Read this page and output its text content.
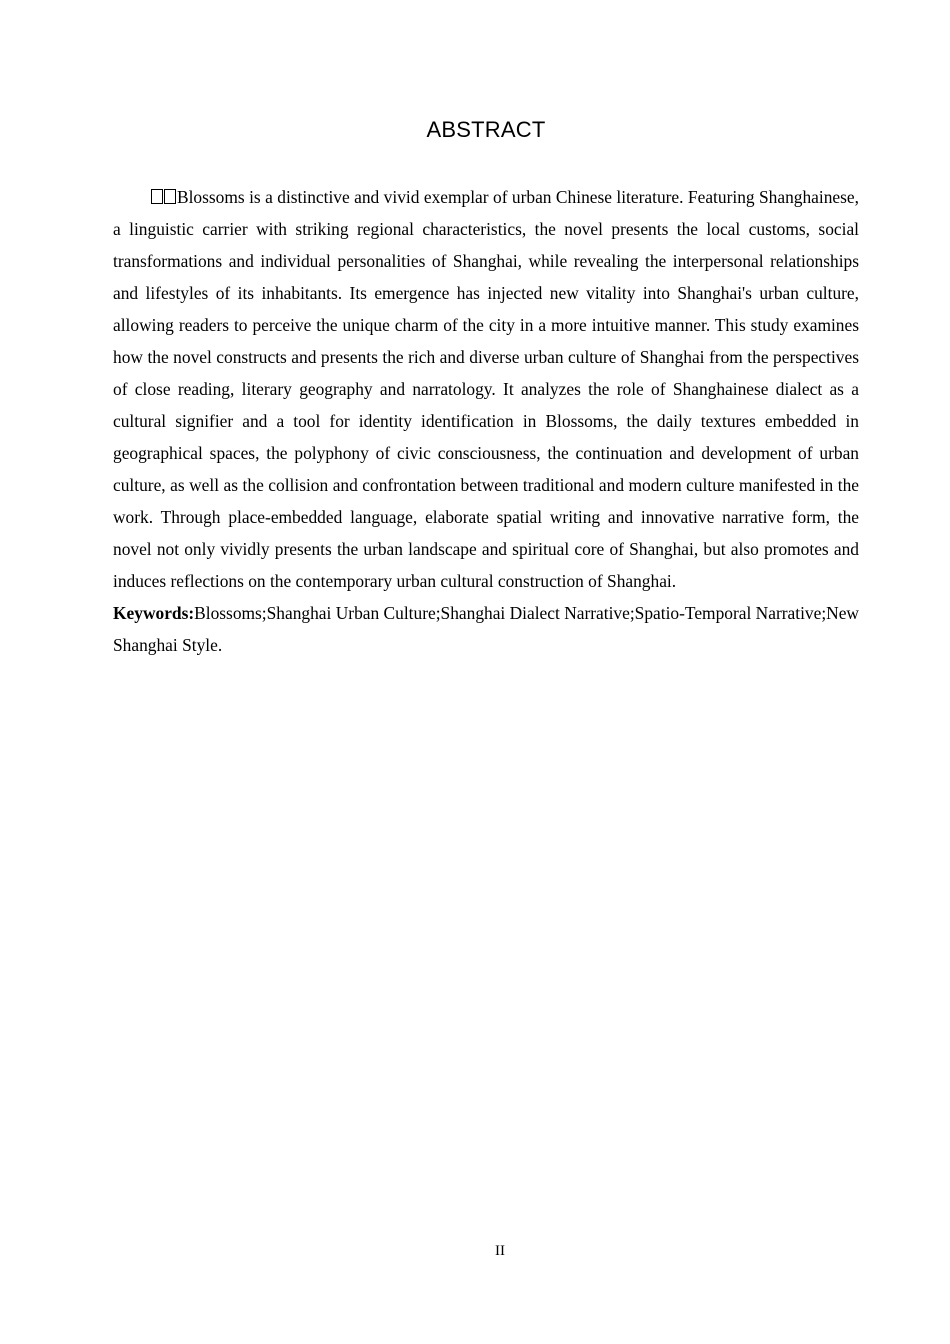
ABSTRACT

Blossoms is a distinctive and vivid exemplar of urban Chinese literature. Featuring Shanghainese, a linguistic carrier with striking regional characteristics, the novel presents the local customs, social transformations and individual personalities of Shanghai, while revealing the interpersonal relationships and lifestyles of its inhabitants. Its emergence has injected new vitality into Shanghai's urban culture, allowing readers to perceive the unique charm of the city in a more intuitive manner. This study examines how the novel constructs and presents the rich and diverse urban culture of Shanghai from the perspectives of close reading, literary geography and narratology. It analyzes the role of Shanghainese dialect as a cultural signifier and a tool for identity identification in Blossoms, the daily textures embedded in geographical spaces, the polyphony of civic consciousness, the continuation and development of urban culture, as well as the collision and confrontation between traditional and modern culture manifested in the work. Through place-embedded language, elaborate spatial writing and innovative narrative form, the novel not only vividly presents the urban landscape and spiritual core of Shanghai, but also promotes and induces reflections on the contemporary urban cultural construction of Shanghai.

Keywords:Blossoms;Shanghai Urban Culture;Shanghai Dialect Narrative;Spatio-Temporal Narrative;New Shanghai Style.

II
